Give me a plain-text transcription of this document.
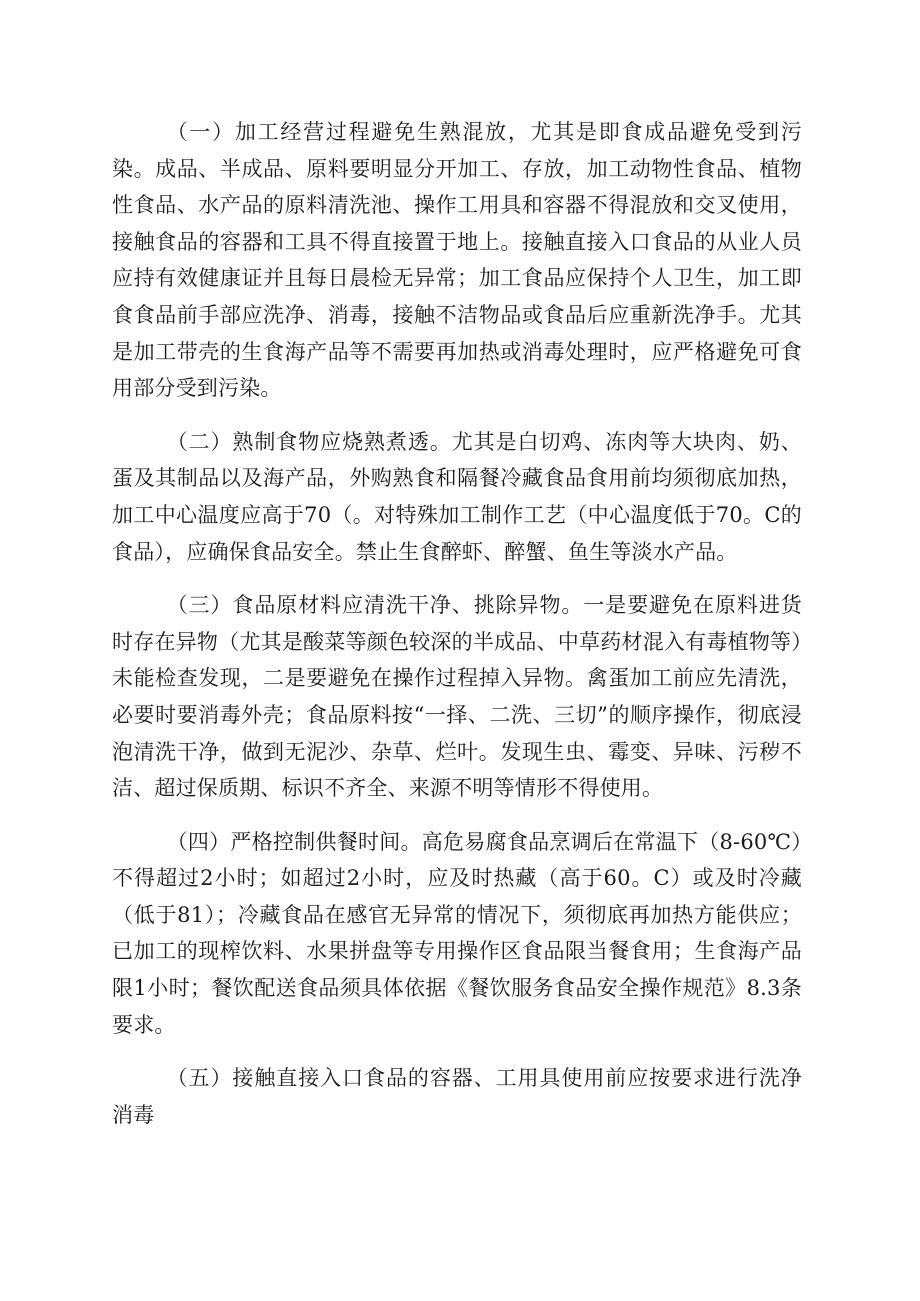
（一）加工经营过程避免生熟混放，尤其是即食成品避免受到污染。成品、半成品、原料要明显分开加工、存放，加工动物性食品、植物性食品、水产品的原料清洗池、操作工用具和容器不得混放和交叉使用，接触食品的容器和工具不得直接置于地上。接触直接入口食品的从业人员应持有效健康证并且每日晨检无异常；加工食品应保持个人卫生，加工即食食品前手部应洗净、消毒，接触不洁物品或食品后应重新洗净手。尤其是加工带壳的生食海产品等不需要再加热或消毒处理时，应严格避免可食用部分受到污染。

（二）熟制食物应烧熟煮透。尤其是白切鸡、冻肉等大块肉、奶、蛋及其制品以及海产品，外购熟食和隔餐冷藏食品食用前均须彻底加热，加工中心温度应高于70（。对特殊加工制作工艺（中心温度低于70。C的食品），应确保食品安全。禁止生食醉虾、醉蟹、鱼生等淡水产品。

（三）食品原材料应清洗干净、挑除异物。一是要避免在原料进货时存在异物（尤其是酸菜等颜色较深的半成品、中草药材混入有毒植物等）未能检查发现，二是要避免在操作过程掉入异物。禽蛋加工前应先清洗，必要时要消毒外壳；食品原料按“一择、二洗、三切”的顺序操作，彻底浸泡清洗干净，做到无泥沙、杂草、烂叶。发现生虫、霉变、异味、污秽不洁、超过保质期、标识不齐全、来源不明等情形不得使用。

（四）严格控制供餐时间。高危易腐食品烹调后在常温下（8-60℃）不得超过2小时；如超过2小时，应及时热藏（高于60。C）或及时冷藏（低于81）；冷藏食品在感官无异常的情况下，须彻底再加热方能供应；已加工的现榨饮料、水果拼盘等专用操作区食品限当餐食用；生食海产品限1小时；餐饮配送食品须具体依据《餐饮服务食品安全操作规范》8.3条要求。

（五）接触直接入口食品的容器、工用具使用前应按要求进行洗净消毒
